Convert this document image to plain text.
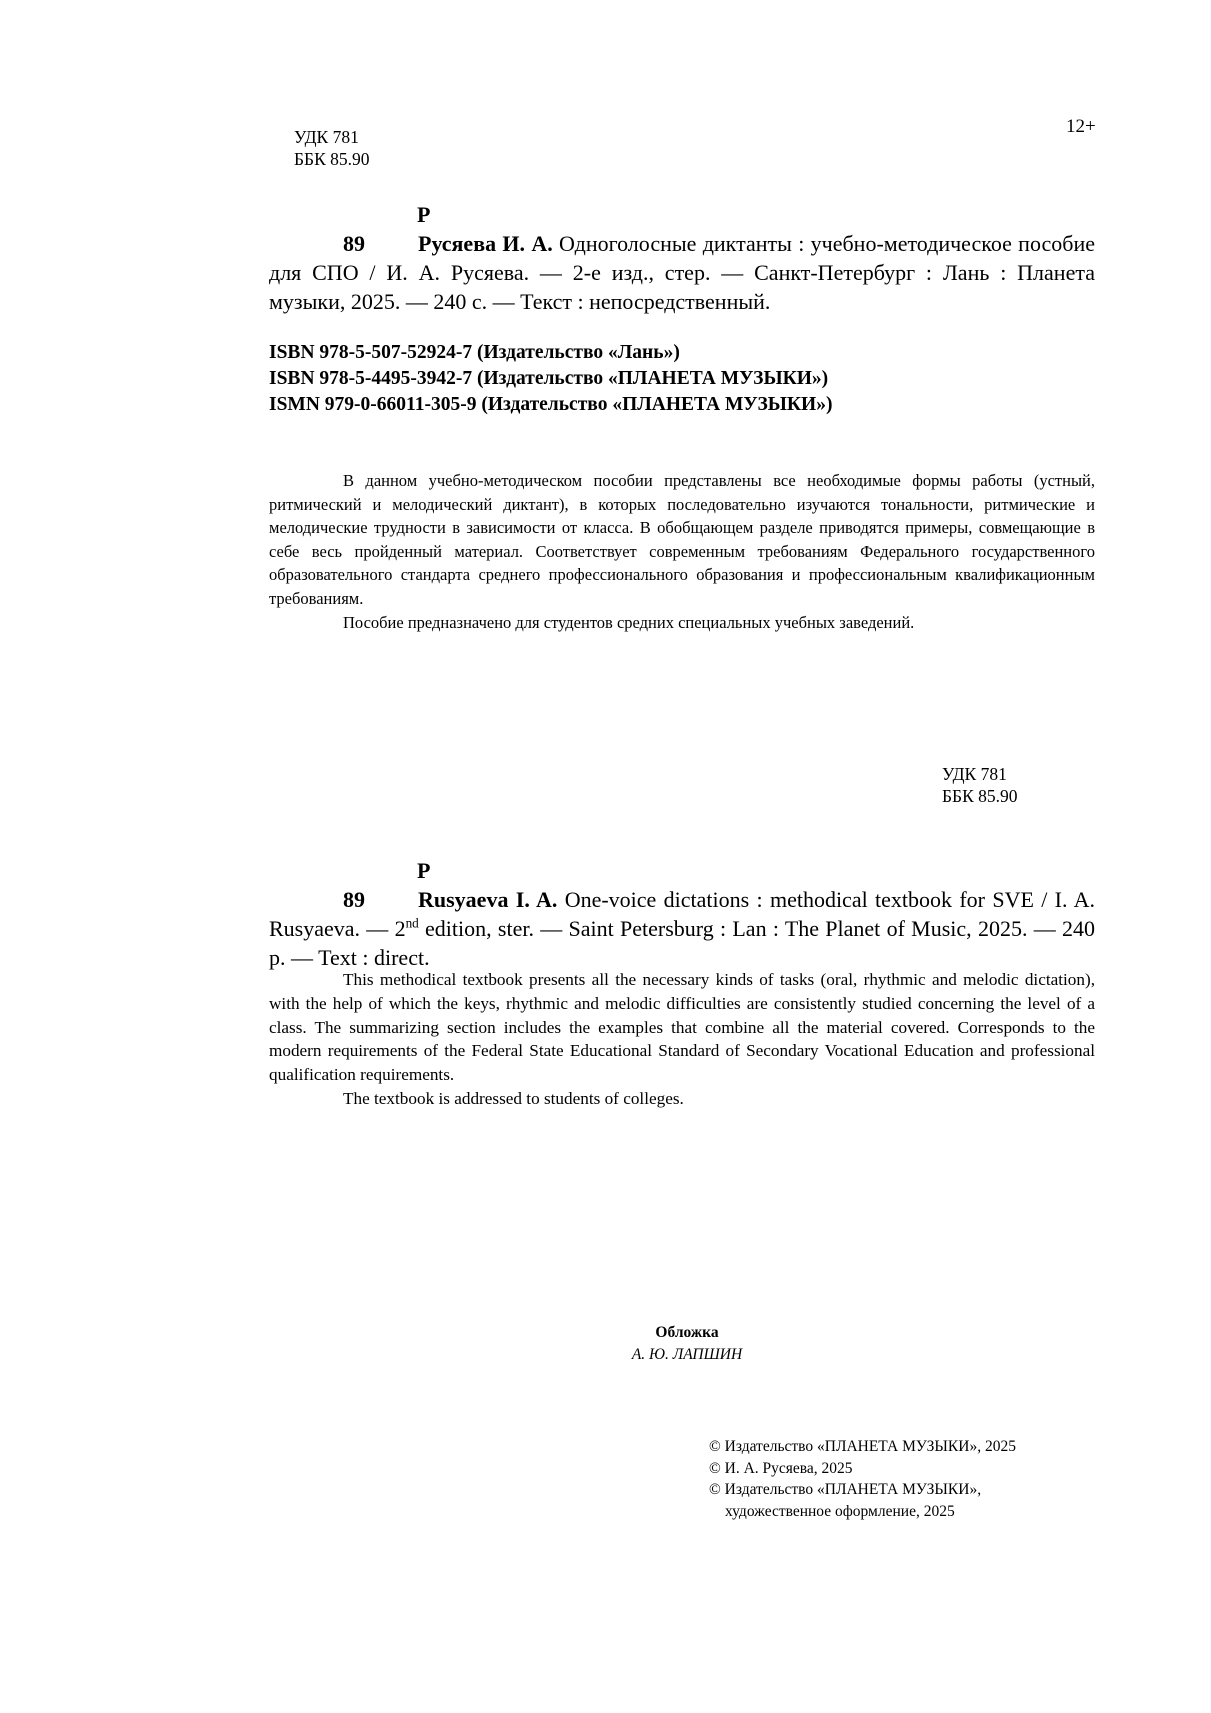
УДК 781
ББК 85.90
12+
Р 89 Русяева И. А. Одноголосные диктанты : учебно-методическое пособие для СПО / И. А. Русяева. — 2-е изд., стер. — Санкт-Петербург : Лань : Планета музыки, 2025. — 240 с. — Текст : непосредственный.
ISBN 978-5-507-52924-7 (Издательство «Лань»)
ISBN 978-5-4495-3942-7 (Издательство «ПЛАНЕТА МУЗЫКИ»)
ISMN 979-0-66011-305-9 (Издательство «ПЛАНЕТА МУЗЫКИ»)

В данном учебно-методическом пособии представлены все необходимые формы работы (устный, ритмический и мелодический диктант), в которых последовательно изучаются тональности, ритмические и мелодические трудности в зависимости от класса. В обобщающем разделе приводятся примеры, совмещающие в себе весь пройденный материал. Соответствует современным требованиям Федерального государственного образовательного стандарта среднего профессионального образования и профессиональным квалификационным требованиям.

Пособие предназначено для студентов средних специальных учебных заведений.

УДК 781
ББК 85.90
Р 89 Rusyaeva I. A. One-voice dictations : methodical textbook for SVE / I. A. Rusyaeva. — 2nd edition, ster. — Saint Petersburg : Lan : The Planet of Music, 2025. — 240 p. — Text : direct.

This methodical textbook presents all the necessary kinds of tasks (oral, rhythmic and melodic dictation), with the help of which the keys, rhythmic and melodic difficulties are consistently studied concerning the level of a class. The summarizing section includes the examples that combine all the material covered. Corresponds to the modern requirements of the Federal State Educational Standard of Secondary Vocational Education and professional qualification requirements.

The textbook is addressed to students of colleges.

Обложка
А. Ю. ЛАПШИН
© Издательство «ПЛАНЕТА МУЗЫКИ», 2025
© И. А. Русяева, 2025
© Издательство «ПЛАНЕТА МУЗЫКИ»,
художественное оформление, 2025
